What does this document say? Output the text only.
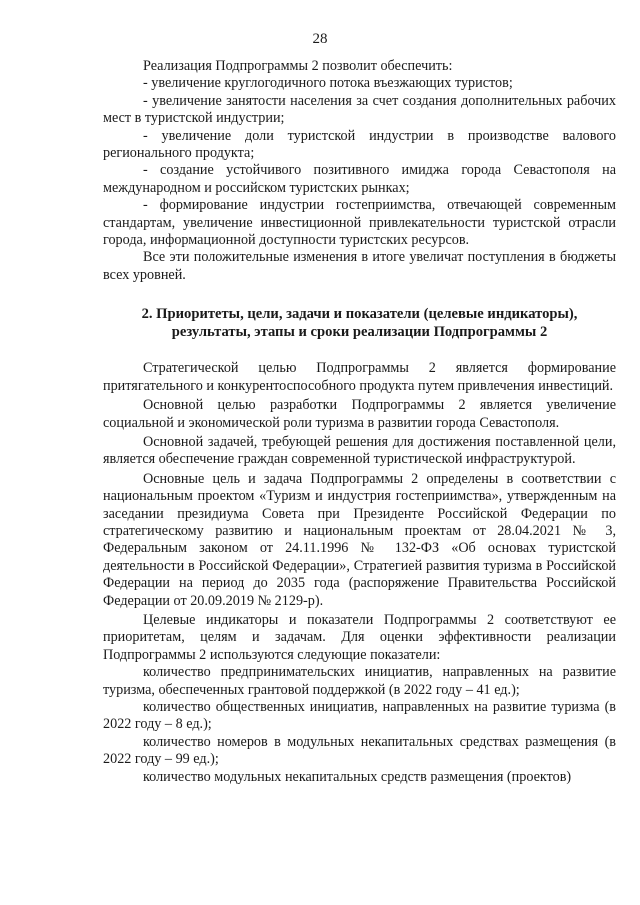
28

Реализация Подпрограммы 2 позволит обеспечить:

- увеличение круглогодичного потока въезжающих туристов;

- увеличение занятости населения за счет создания дополнительных рабочих мест в туристской индустрии;

- увеличение доли туристской индустрии в производстве валового регионального продукта;

- создание устойчивого позитивного имиджа города Севастополя на международном и российском туристских рынках;

- формирование индустрии гостеприимства, отвечающей современным стандартам, увеличение инвестиционной привлекательности туристской отрасли города, информационной доступности туристских ресурсов.

Все эти положительные изменения в итоге увеличат поступления в бюджеты всех уровней.

2. Приоритеты, цели, задачи и показатели (целевые индикаторы),
результаты, этапы и сроки реализации Подпрограммы 2

Стратегической целью Подпрограммы 2 является формирование притягательного и конкурентоспособного продукта путем привлечения инвестиций.

Основной целью разработки Подпрограммы 2 является увеличение социальной и экономической роли туризма в развитии города Севастополя.

Основной задачей, требующей решения для достижения поставленной цели, является обеспечение граждан современной туристической инфраструктурой.

Основные цель и задача Подпрограммы 2 определены в соответствии с национальным проектом «Туризм и индустрия гостеприимства», утвержденным на заседании президиума Совета при Президенте Российской Федерации по стратегическому развитию и национальным проектам от 28.04.2021 № 3, Федеральным законом от 24.11.1996 № 132-ФЗ «Об основах туристской деятельности в Российской Федерации», Стратегией развития туризма в Российской Федерации на период до 2035 года (распоряжение Правительства Российской Федерации от 20.09.2019 № 2129-р).

Целевые индикаторы и показатели Подпрограммы 2 соответствуют ее приоритетам, целям и задачам. Для оценки эффективности реализации Подпрограммы 2 используются следующие показатели:

количество предпринимательских инициатив, направленных на развитие туризма, обеспеченных грантовой поддержкой (в 2022 году – 41 ед.);

количество общественных инициатив, направленных на развитие туризма (в 2022 году – 8 ед.);

количество номеров в модульных некапитальных средствах размещения (в 2022 году – 99 ед.);

количество модульных некапитальных средств размещения (проектов)
